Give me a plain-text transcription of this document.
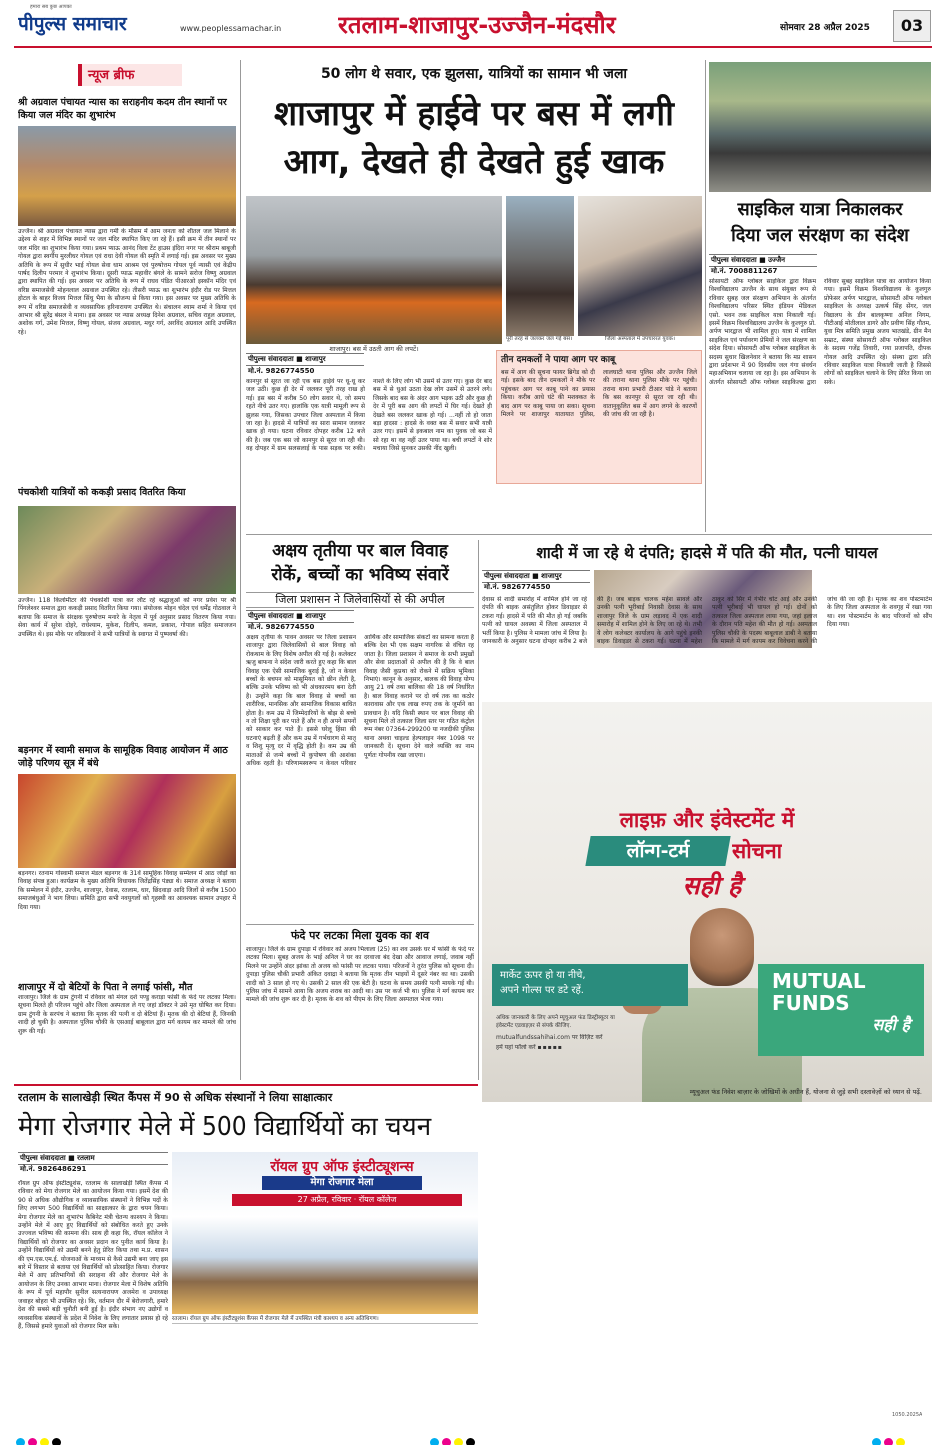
हमारा सब कुछ आपका
पीपुल्स समाचार	www.peoplessamachar.in रतलाम-शाजापुर-उज्जैन-मंदसौर	सोमवार 28 अप्रैल 2025	03
न्यूज ब्रीफ
श्री अग्रवाल पंचायत न्यास का सराहनीय कदम तीन स्थानों पर किया जल मंदिर का शुभारंभ
उज्जैन। श्री अग्रवाल पंचायत न्यास द्वारा गर्मी के मौसम में आम जनता को शीतल जल मिलाने के उद्देश्य से शहर में विभिन्न स्थानों पर जल मंदिर स्थापित किए जा रहे हैं। इसी क्रम में तीन स्थानों पर जल मंदिर का शुभारंभ किया गया। प्रथम प्याऊ आनंद विला टेंट हाउस इंदिरा नगर पर श्रीराम बाबूजी गोयल द्वारा स्वर्गीय मुरलीधर गोयल एवं राधा देवी गोयल की स्मृति में लगाई गई। इस अवसर पर मुख्य अतिथि के रूप में सुधीर भाई गोयल सेवा धाम आश्रम एवं पुरुषोत्तम गोयल पूर्व न्यासी एवं केंद्रीय पार्षद दिलीप परमार ने शुभारंभ किया। दूसरी प्याऊ महावीर बंगले के सामने सरोज विष्णु अग्रवाल द्वारा स्थापित की गई। इस अवसर पर अतिथि के रूप में राघव पंडित पीआरओ इस्कॉन मंदिर एवं वरिष्ठ समाजसेवी मोहनलाल अग्रवाल उपस्थित रहे। तीसरी प्याऊ का शुभारंभ इंदौर रोड पर मित्तल होटल के बाहर विजय मित्तल सिंधु भैया के सौजन्य से किया गया। इस अवसर पर मुख्य अतिथि के रूप में वरिष्ठ समाजसेवी व व्यवसायिक हरिनारायण उपस्थित थे। संचालन श्याम शर्मा ने किया एवं आभार श्री सुरेंद्र बंसल ने माना। इस अवसर पर न्यास अध्यक्ष दिनेश अग्रवाल, सचिव राहुल अग्रवाल, अशोक गर्ग, उमेश मित्तल, विष्णु गोयल, संजय अग्रवाल, मधुर गर्ग, अरविंद अग्रवाल आदि उपस्थित रहे।
पंचकोशी यात्रियों को ककड़ी प्रसाद वितरित किया
उज्जैन। 118 किलोमीटर की पंचकोशी यात्रा कर लौट रहे श्रद्धालुओं को नगर प्रवेश पर श्री पिंगलेश्वर समाज द्वारा ककड़ी प्रसाद वितरित किया गया। संयोजक मोहन चंदेल एवं धर्मेंद्र गोठवाल ने बताया कि समाज के संरक्षक पुरुषोत्तम मनारे के नेतृत्व में पूर्व अनुसार प्रसाद वितरण किया गया। सेवा कार्य में सुरेश दोहरे, राधेश्याम, मुकेश, दिलीप, कमल, प्रकाश, गोपाल सहित समाजजन उपस्थित थे। इस मौके पर वरिष्ठजनों ने सभी यात्रियों के स्वागत में पुष्पवर्षा की।
बड़नगर में स्वामी समाज के सामूहिक विवाह आयोजन में आठ जोड़े परिणय सूत्र में बंधे
बड़नगर। रतनाम गोस्वामी समाज मंडल बड़नगर के 31वें सामूहिक विवाह सम्मेलन में आठ जोड़ों का विवाह संपन्न हुआ। कार्यक्रम के मुख्य अतिथि विधायक जितेंद्रसिंह पंड्या थे। समाज अध्यक्ष ने बताया कि सम्मेलन में इंदौर, उज्जैन, शाजापुर, देवास, रतलाम, धार, छिंदवाड़ा आदि जिलों से करीब 1500 समाजबंधुओं ने भाग लिया। समिति द्वारा सभी नवयुगलों को गृहस्थी का आवश्यक सामान उपहार में दिया गया।
शाजापुर में दो बेटियों के पिता ने लगाई फांसी, मौत
शाजापुर। जिले के ग्राम टुंगनी में रविवार को मंगल दर्श पण्डु कराड़ा फांसी के फंदे पर लटका मिला। सूचना मिलते ही परिजन पहुंचे और जिला अस्पताल ले गए जहां डॉक्टर ने उसे मृत घोषित कर दिया। ग्राम टुंगनी के सरपंच ने बताया कि मृतक की पत्नी व दो बेटियां हैं। मृतक की दो बेटियां हैं, जिनकी शादी हो चुकी है। अस्पताल पुलिस चौकी के एसआई बाबूलाल द्वारा मर्ग कायम कर मामले की जांच शुरू की गई।
50 लोग थे सवार, एक झुलसा, यात्रियों का सामान भी जला
शाजापुर में हाईवे पर बस में लगी
आग, देखते ही देखते हुई खाक
शाजापुर। बस में उठती आग की लपटें।
पूरी तरह से जलकर जल गई बस।	जिला अस्पताल में उपचाररत युवक।
पीपुल्स संवाददाता ■ शाजापुर
मो.नं. 9826774550
कानपुर से सूरत जा रही एक बस हाईवे पर धू-धू कर जल उठी। कुछ ही देर में जलकर पूरी तरह राख हो गई। इस बस में करीब 50 लोग सवार थे, जो समय रहते नीचे उतर गए। हालांकि एक यात्री मामूली रूप से झुलस गया, जिसका उपचार जिला अस्पताल में किया जा रहा है। हादसे में यात्रियों का सारा सामान जलकर खाक हो गया। घटना रविवार दोपहर करीब 12 बजे की है। जब एक बस जो कानपुर से सूरत जा रही थी। वह दोपहर में ग्राम सलसलाई के पास सड़क पर रुकी। नाश्ते के लिए लोग भी उसमें से उतर गए। कुछ देर बाद बस में से धुआं उठता देख लोग उसमें से उतरने लगे। जिसके बाद बस के अंदर आग भड़क उठी और कुछ ही देर में पूरी बस आग की लपटों में घिर गई। देखते ही देखते बस जलकर खाक हो गई। ...नहीं तो हो जाता बड़ा हादसा : हादसे के वक्त बस में सवार सभी यात्री उतर गए। इसमें से इकबाल नाम का युवक जो बस में सो रहा था वह नहीं उतर पाया था। बची लपटों ने शोर मचाया जिसे सुनकर उसकी नींद खुली।
तीन दमकलों ने पाया आग पर काबू
बस में आग की सूचना फायर ब्रिगेड को दी गई। इसके बाद तीन दमकलों ने मौके पर पहुंचकर आग पर काबू पाने का प्रयास किया। करीब आधे घंटे की मशक्कत के बाद आग पर काबू पाया जा सका। सूचना मिलने पर शाजापुर यातायात पुलिस, लालघाटी थाना पुलिस और उज्जैन जिले की तराना थाना पुलिस मौके पर पहुंची। तराना थाना प्रभारी टीआर पांडे ने बताया कि बस कानपुर से सूरत जा रही थी। वातानुकूलित बस में आग लगने के कारणों की जांच की जा रही है।
साइकिल यात्रा निकालकर
दिया जल संरक्षण का संदेश
पीपुल्स संवाददाता ■ उज्जैन
मो.नं. 7008811267
सोसायटी ऑफ ग्लोबल साइकिल द्वारा विक्रम विश्वविद्यालय उज्जैन के साथ संयुक्त रूप से रविवार सुबह जल संरक्षण अभियान के अंतर्गत विश्वविद्यालय परिसर स्थित इंडियन मेडिकल एसो. भवन तक साइकिल यात्रा निकाली गई। इसमें विक्रम विश्वविद्यालय उज्जैन के कुलगुरु प्रो. अर्पण भारद्वाज भी शामिल हुए। यात्रा में शामिल साइकिल एवं पर्यावरण प्रेमियों ने जल संरक्षण का संदेश दिया। सोसायटी ऑफ ग्लोबल साइकिल के सदस्य सुधार खिलनेवार ने बताया कि मप्र शासन द्वारा प्रदेशभर में 90 दिवसीय जल गंगा संवर्धन महाअभियान चलाया जा रहा है। इस अभियान के अंतर्गत सोसायटी ऑफ ग्लोबल साइकिल्स द्वारा रविवार सुबह साइकिल यात्रा का आयोजन किया गया। इसमें विक्रम विश्वविद्यालय के कुलगुरु प्रोफेसर अर्पण भारद्वाज, सोसायटी ऑफ ग्लोबल साइकिल के अध्यक्ष उत्कर्ष सिंह सेंगर, जल विद्यालय के डीन बालकृष्णा अनिल निगम, पीटीआई मोतीलाल डागरे और प्रवीण सिंह गौतम, युवा मित्र समिति प्रमुख अजय भातखंडे, ग्रीन मैन सम्राट, संस्था सोसायटी ऑफ ग्लोबल साइकिल के सदस्य गजेंद्र तिवारी, गया प्रजापति, दीपक गोयल आदि उपस्थित रहे। संस्था द्वारा प्रति रविवार साइकिल यात्रा निकाली जाती है जिससे लोगों को साइकिल चलाने के लिए प्रेरित किया जा सके।
अक्षय तृतीया पर बाल विवाह
रोकें, बच्चों का भविष्य संवारें
जिला प्रशासन ने जिलेवासियों से की अपील
पीपुल्स संवाददाता ■ शाजापुर
मो.नं. 9826774550
अक्षय तृतीया के पावन अवसर पर जिला प्रशासन शाजापुर द्वारा जिलेवासियों से बाल विवाह को रोकथाम के लिए विशेष अपील की गई है। कलेक्टर ऋजु बाफना ने संदेश जारी करते हुए कहा कि बाल विवाह एक ऐसी सामाजिक बुराई है, जो न केवल बच्चों के बचपन को मासूमियत को छीन लेती है, बल्कि उनके भविष्य को भी अंधकारमय बना देती है। उन्होंने कहा कि बाल विवाह से बच्चों का शारीरिक, मानसिक और सामाजिक विकास बाधित होता है। कम उम्र में जिम्मेदारियों के बोझ से बच्चे न तो शिक्षा पूरी कर पाते हैं और न ही अपने सपनों को साकार कर पाते हैं। इससे घरेलू हिंसा की घटनाएं बढ़ती हैं और कम उम्र में गर्भधारण से मातृ व शिशु मृत्यु दर में वृद्धि होती है। कम उम्र की माताओं से जन्मे बच्चों में कुपोषण की आशंका अधिक रहती है। परिणामस्वरूप न केवल परिवार आर्थिक और सामाजिक संकटों का सामना करता है बल्कि देश भी एक सक्षम नागरिक से वंचित रह जाता है। जिला प्रशासन ने समाज के सभी प्रमुखों और सेवा प्रदाताओं से अपील की है कि वे बाल विवाह जैसी कुप्रथा को रोकने में सक्रिय भूमिका निभाएं। कानून के अनुसार, बालक की विवाह योग्य आयु 21 वर्ष तथा बालिका की 18 वर्ष निर्धारित है। बाल विवाह कराने पर दो वर्ष तक का कठोर कारावास और एक लाख रुपए तक के जुर्माने का प्रावधान है। यदि किसी स्थान पर बाल विवाह की सूचना मिले तो तत्काल जिला स्तर पर गठित कंट्रोल रूम नंबर 07364-299200 या नजदीकी पुलिस थाना अथवा चाइल्ड हेल्पलाइन नंबर 1098 पर जानकारी दें। सूचना देने वाले व्यक्ति का नाम पूर्णतः गोपनीय रखा जाएगा।
फंदे पर लटका मिला युवक का शव
शाजापुर। जिले के ग्राम दुपाड़ा में रविवार को अजय भिलाला (25) का शव उसके घर में फांसी के फंदे पर लटका मिला। सुबह अजय के भाई अनिल ने घर का दरवाजा बंद देखा और आवाज लगाई, जवाब नहीं मिलने पर उन्होंने अंदर झांका तो अजय को फांसी पर लटका पाया। परिजनों ने तुरंत पुलिस को सूचना दी। दुपाड़ा पुलिस चौकी प्रभारी अंकित दवाद्रा ने बताया कि मृतक तीन भाइयों में दूसरे नंबर का था। उसकी शादी को 3 साल हो गए थे। उसकी 2 साल की एक बेटी है। घटना के समय उसकी पत्नी मायके गई थी। पुलिस जांच में सामने आया कि अजय शराब का आदी था। उस पर कर्ज भी था। पुलिस ने मर्ग कायम कर मामले की जांच शुरू कर दी है। मृतक के शव को पीएम के लिए जिला अस्पताल भेजा गया।
शादी में जा रहे थे दंपति; हादसे में पति की मौत, पत्नी घायल
पीपुल्स संवाददाता ■ शाजापुर
मो.नं. 9826774550
देवास से शादी समारोह में शामिल होने जा रहे दंपति की बाइक असंतुलित होकर डिवाइडर से टकरा गई। हादसे में पति की मौत हो गई जबकि पत्नी को घायल अवस्था में जिला अस्पताल में भर्ती किया है। पुलिस ने मामला जांच में लिया है। जानकारी के अनुसार घटना दोपहर करीब 2 बजे की है। जब बाइक चालक महेश सावले और उनकी पत्नी भूरीबाई निवासी देवास के साथ शाजापुर जिले के ग्राम लड़ावद में एक शादी समारोह में शामिल होने के लिए जा रहे थे। तभी ये लोग कलेक्टर कार्यालय के आगे पहुंचे इनकी बाइक डिवाइडर से टकरा गई। घटना में महेश ठाकुर को सिर में गंभीर चोट आई और उनकी पत्नी भूरीबाई भी घायल हो गई। दोनों को तत्काल जिला अस्पताल लाया गया, जहां इलाज के दौरान पति महेश की मौत हो गई। अस्पताल पुलिस चौकी के पदस्थ बाबूलाल डाबी ने बताया कि मामले में मर्ग कायम कर विवेचना करने की जांच की जा रही है। मृतक का शव पोस्टमार्टम के लिए जिला अस्पताल के शवगृह में रखा गया था। शव पोस्टमार्टम के बाद परिजनों को सौंप दिया गया।
लाइफ़ और इंवेस्टमेंट में
लॉन्ग-टर्म	सोचना
सही है
मार्केट ऊपर हो या नीचे,
अपने गोल्स पर डटे रहें.
अधिक जानकारी के लिए अपने म्यूचुअल फंड डिस्ट्रीब्यूटर या
इंवेस्टमेंट एडवाइज़र से संपर्क कीजिए.
mutualfundssahihai.com पर विज़िट करें
हमें यहां फॉलो करें ▪▪▪▪▪
MUTUAL
FUNDS
सही है
म्यूचुअल फंड निवेश बाज़ार के जोखिमों के अधीन हैं, योजना से जुड़े सभी दस्तावेज़ों को ध्यान से पढ़ें.
1050.2025A
रतलाम के सालाखेड़ी स्थित कैंपस में 90 से अधिक संस्थानों ने लिया साक्षात्कार
मेगा रोजगार मेले में 500 विद्यार्थियों का चयन
पीपुल्स संवाददाता ■ रतलाम
मो.नं. 9826486291
रॉयल ग्रुप ऑफ इंस्टीट्यूशंस, रतलाम के सालाखेड़ी स्थित कैंपस में रविवार को मेगा रोजगार मेले का आयोजन किया गया। इसमें देश की 90 से अधिक औद्योगिक व व्यावसायिक संस्थानों ने विभिन्न पदों के लिए लगभग 500 विद्यार्थियों का साक्षात्कार के द्वारा चयन किया। मेगा रोजगार मेले का शुभारंभ कैबिनेट मंत्री चेतन्य काश्यप ने किया। उन्होंने मेले में आए हुए विद्यार्थियों को संबोधित करते हुए उनके उज्ज्वल भविष्य की कामना की। साथ ही कहा कि, रॉयल कॉलेज ने विद्यार्थियों को रोजगार का अवसर प्रदान कर पुनीत कार्य किया है। उन्होंने विद्यार्थियों को उद्यमी बनने हेतु प्रेरित किया तथा म.प्र. शासन की एम.एस.एम.ई. योजनाओं के माध्यम से कैसे उद्यमी बना जाए इस बारे में विस्तार से बताया एवं विद्यार्थियों को प्रोत्साहित किया। रोजगार मेले में आए प्रतिभागियों की सराहना की और रोजगार मेले के आयोजन के लिए उनका आभार माना। रोजगार मेला में विशेष अतिथि के रूप में पूर्व महापौर सुनील सत्यनारायण अजमेरा व उपाध्यक्ष जवाहर बोहरा भी उपस्थित रहे। कि, वर्तमान दौर में बेरोजगारी, हमारे देश की सबसे बड़ी चुनौती बनी हुई है। इंदौर संभाग नए उद्योगों व व्यवसायिक संस्थानों के प्रदेश में निवेश के लिए लगातार प्रयास हो रहे हैं, जिससे हमारे युवाओं को रोजगार मिल सके।
रॉयल ग्रुप ऑफ इंस्टीट्यूशन्स
मेगा रोजगार मेला
27 अप्रैल, रविवार · रॉयल कॉलेज
रतलाम। रॉयल ग्रुप ऑफ इंस्टीट्यूशंस कैंपस में रोजगार मेले में उपस्थित मंत्री काश्यप व अन्य अतिथिगण।
